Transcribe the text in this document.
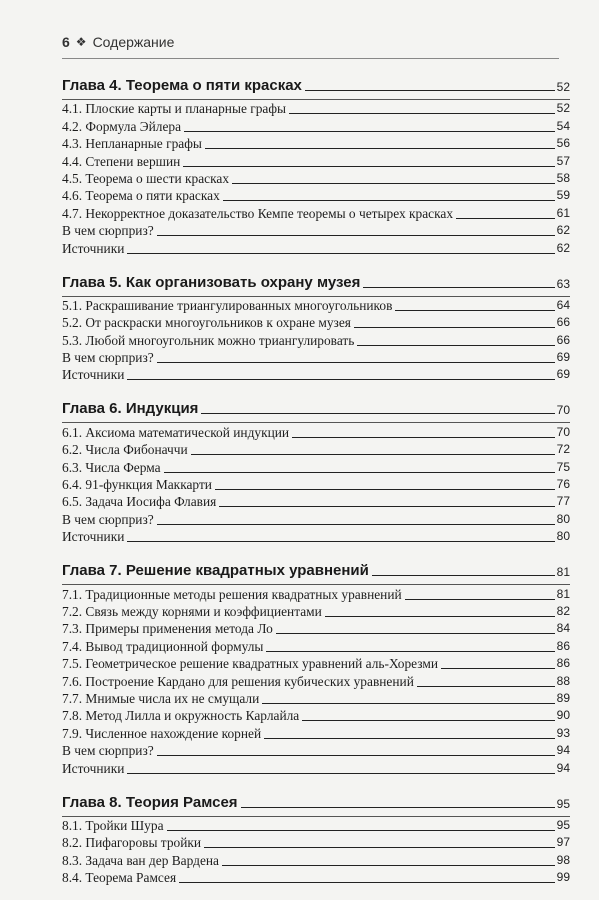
6 ❖ Содержание
Глава 4. Теорема о пяти красках	52
4.1. Плоские карты и планарные графы	52
4.2. Формула Эйлера	54
4.3. Непланарные графы	56
4.4. Степени вершин	57
4.5. Теорема о шести красках	58
4.6. Теорема о пяти красках	59
4.7. Некорректное доказательство Кемпе теоремы о четырех красках	61
В чем сюрприз?	62
Источники	62
Глава 5. Как организовать охрану музея	63
5.1. Раскрашивание триангулированных многоугольников	64
5.2. От раскраски многоугольников к охране музея	66
5.3. Любой многоугольник можно триангулировать	66
В чем сюрприз?	69
Источники	69
Глава 6. Индукция	70
6.1. Аксиома математической индукции	70
6.2. Числа Фибоначчи	72
6.3. Числа Ферма	75
6.4. 91-функция Маккарти	76
6.5. Задача Иосифа Флавия	77
В чем сюрприз?	80
Источники	80
Глава 7. Решение квадратных уравнений	81
7.1. Традиционные методы решения квадратных уравнений	81
7.2. Связь между корнями и коэффициентами	82
7.3. Примеры применения метода Ло	84
7.4. Вывод традиционной формулы	86
7.5. Геометрическое решение квадратных уравнений аль-Хорезми	86
7.6. Построение Кардано для решения кубических уравнений	88
7.7. Мнимые числа их не смущали	89
7.8. Метод Лилла и окружность Карлайла	90
7.9. Численное нахождение корней	93
В чем сюрприз?	94
Источники	94
Глава 8. Теория Рамсея	95
8.1. Тройки Шура	95
8.2. Пифагоровы тройки	97
8.3. Задача ван дер Вардена	98
8.4. Теорема Рамсея	99
